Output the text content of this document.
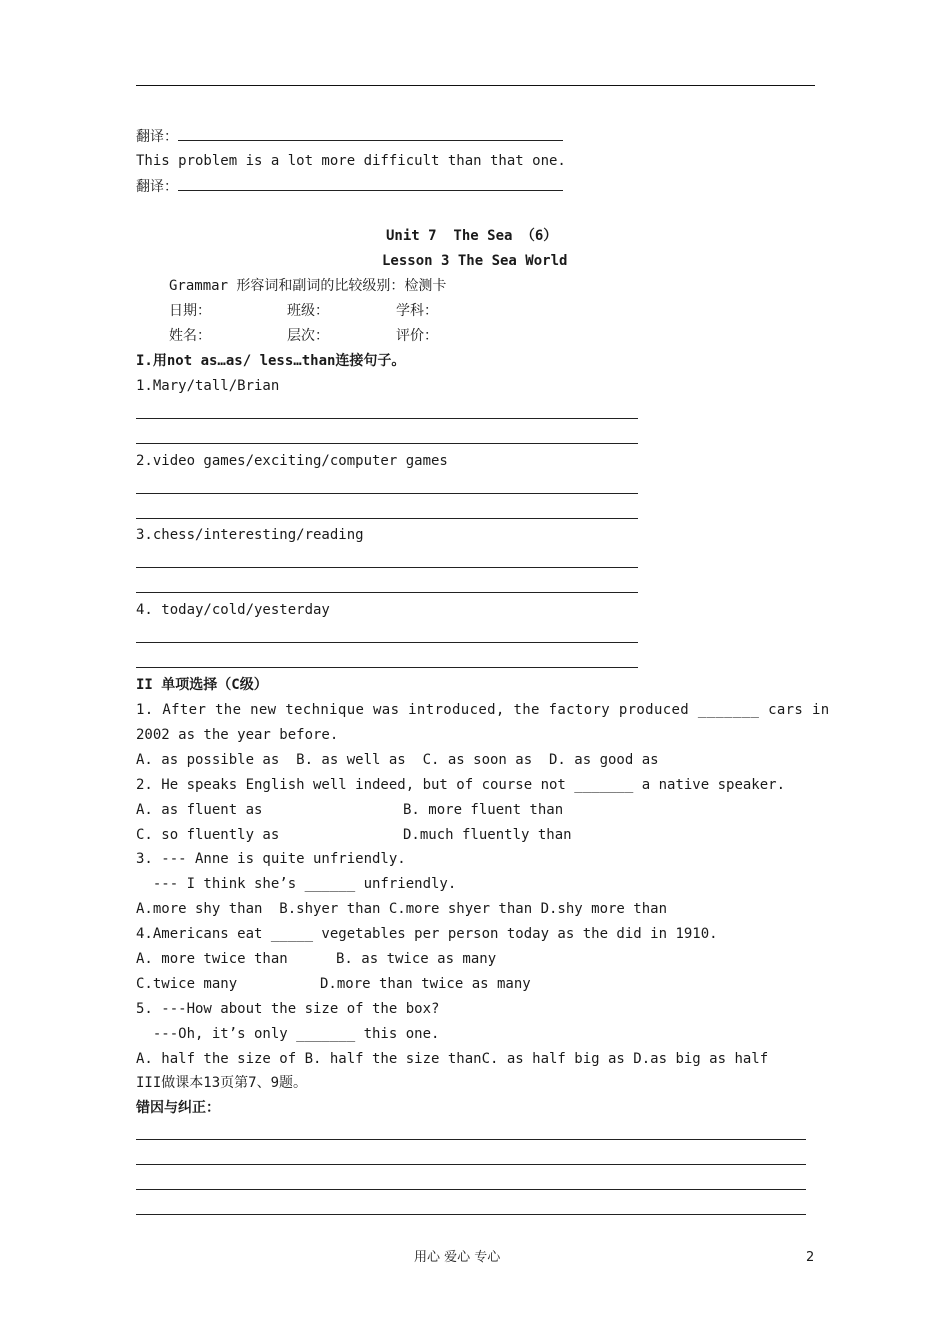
翻译：
This problem is a lot more difficult than that one.
翻译：
Unit 7  The Sea （6）
Lesson 3 The Sea World
Grammar 形容词和副词的比较级别：检测卡
日期：	班级：	学科：
姓名：	层次：	评价：
I.用not as…as/ less…than连接句子。
1.Mary/tall/Brian
2.video games/exciting/computer games
3.chess/interesting/reading
4. today/cold/yesterday
II 单项选择（C级）
1. After the new technique was introduced, the factory produced _______ cars in
2002 as the year before.
A. as possible as  B. as well as  C. as soon as  D. as good as
2. He speaks English well indeed, but of course not _______ a native speaker.
A. as fluent as	B. more fluent than
C. so fluently as	D.much fluently than
3. --- Anne is quite unfriendly.
--- I think she’s ______ unfriendly.
A.more shy than  B.shyer than C.more shyer than D.shy more than
4.Americans eat _____ vegetables per person today as the did in 1910.
A. more twice than	B. as twice as many
C.twice many	D.more than twice as many
5. ---How about the size of the box?
---Oh, it’s only _______ this one.
A. half the size of B. half the size thanC. as half big as D.as big as half
III做课本13页第7、9题。
错因与纠正：
用心 爱心 专心	2
